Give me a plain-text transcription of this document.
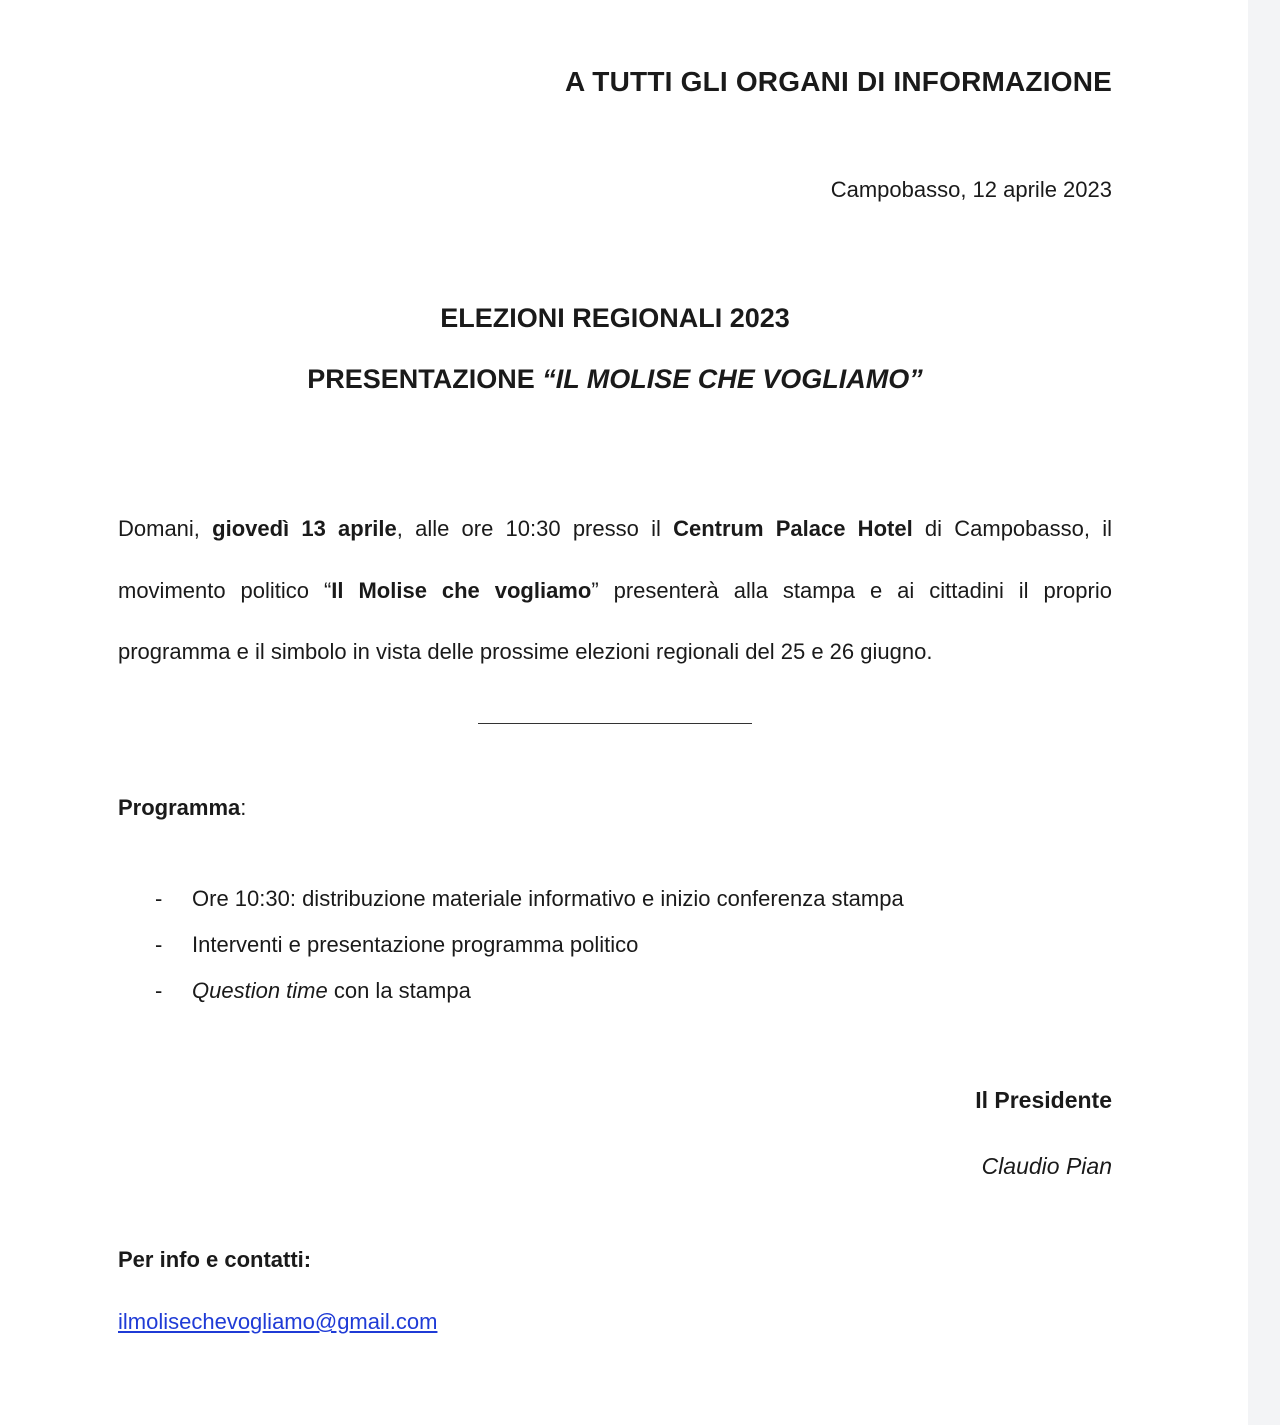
A TUTTI GLI ORGANI DI INFORMAZIONE
Campobasso, 12 aprile 2023
ELEZIONI REGIONALI 2023
PRESENTAZIONE “IL MOLISE CHE VOGLIAMO”
Domani, giovedì 13 aprile, alle ore 10:30 presso il Centrum Palace Hotel di Campobasso, il
movimento politico “Il Molise che vogliamo” presenterà alla stampa e ai cittadini il proprio
programma e il simbolo in vista delle prossime elezioni regionali del 25 e 26 giugno.
Programma:
- Ore 10:30: distribuzione materiale informativo e inizio conferenza stampa
- Interventi e presentazione programma politico
- Question time con la stampa
Il Presidente
Claudio Pian
Per info e contatti:
ilmolisechevogliamo@gmail.com
